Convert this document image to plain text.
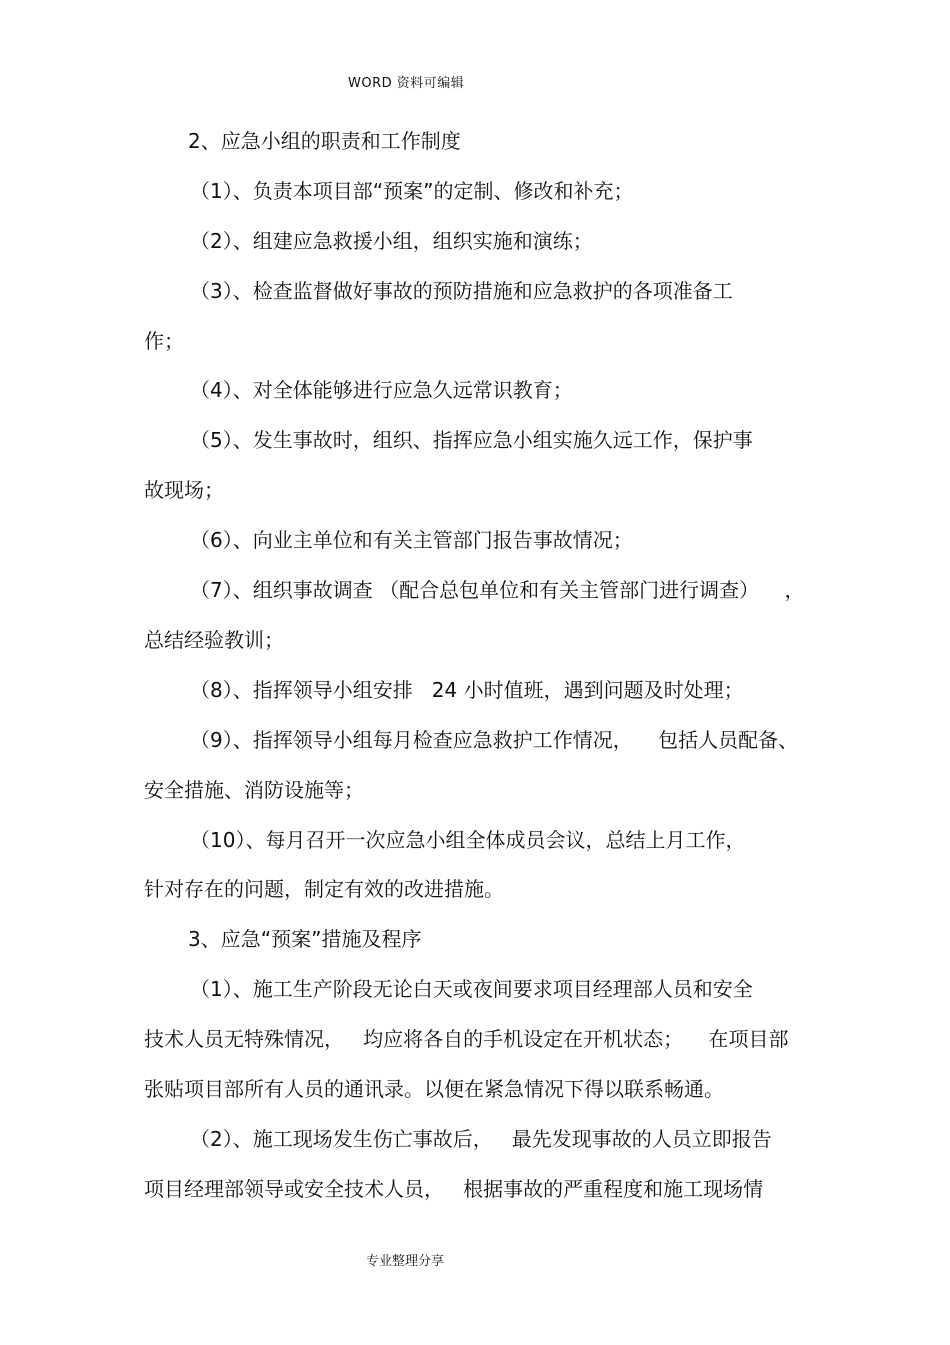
WORD 资料可编辑
2、应急小组的职责和工作制度
（1）、负责本项目部“预案”的定制、修改和补充；
（2）、组建应急救援小组，组织实施和演练；
（3）、检查监督做好事故的预防措施和应急救护的各项准备工
作；
（4）、对全体能够进行应急久远常识教育；
（5）、发生事故时，组织、指挥应急小组实施久远工作，保护事
故现场；
（6）、向业主单位和有关主管部门报告事故情况；
（7）、组织事故调查 （配合总包单位和有关主管部门进行调查）    ，
总结经验教训；
（8）、指挥领导小组安排   24 小时值班，遇到问题及时处理；
（9）、指挥领导小组每月检查应急救护工作情况，    包括人员配备、
安全措施、消防设施等；
（10）、每月召开一次应急小组全体成员会议，总结上月工作，
针对存在的问题，制定有效的改进措施。
3、应急“预案”措施及程序
（1）、施工生产阶段无论白天或夜间要求项目经理部人员和安全
技术人员无特殊情况，   均应将各自的手机设定在开机状态；    在项目部
张贴项目部所有人员的通讯录。以便在紧急情况下得以联系畅通。
（2）、施工现场发生伤亡事故后，   最先发现事故的人员立即报告
项目经理部领导或安全技术人员，   根据事故的严重程度和施工现场情
专业整理分享
